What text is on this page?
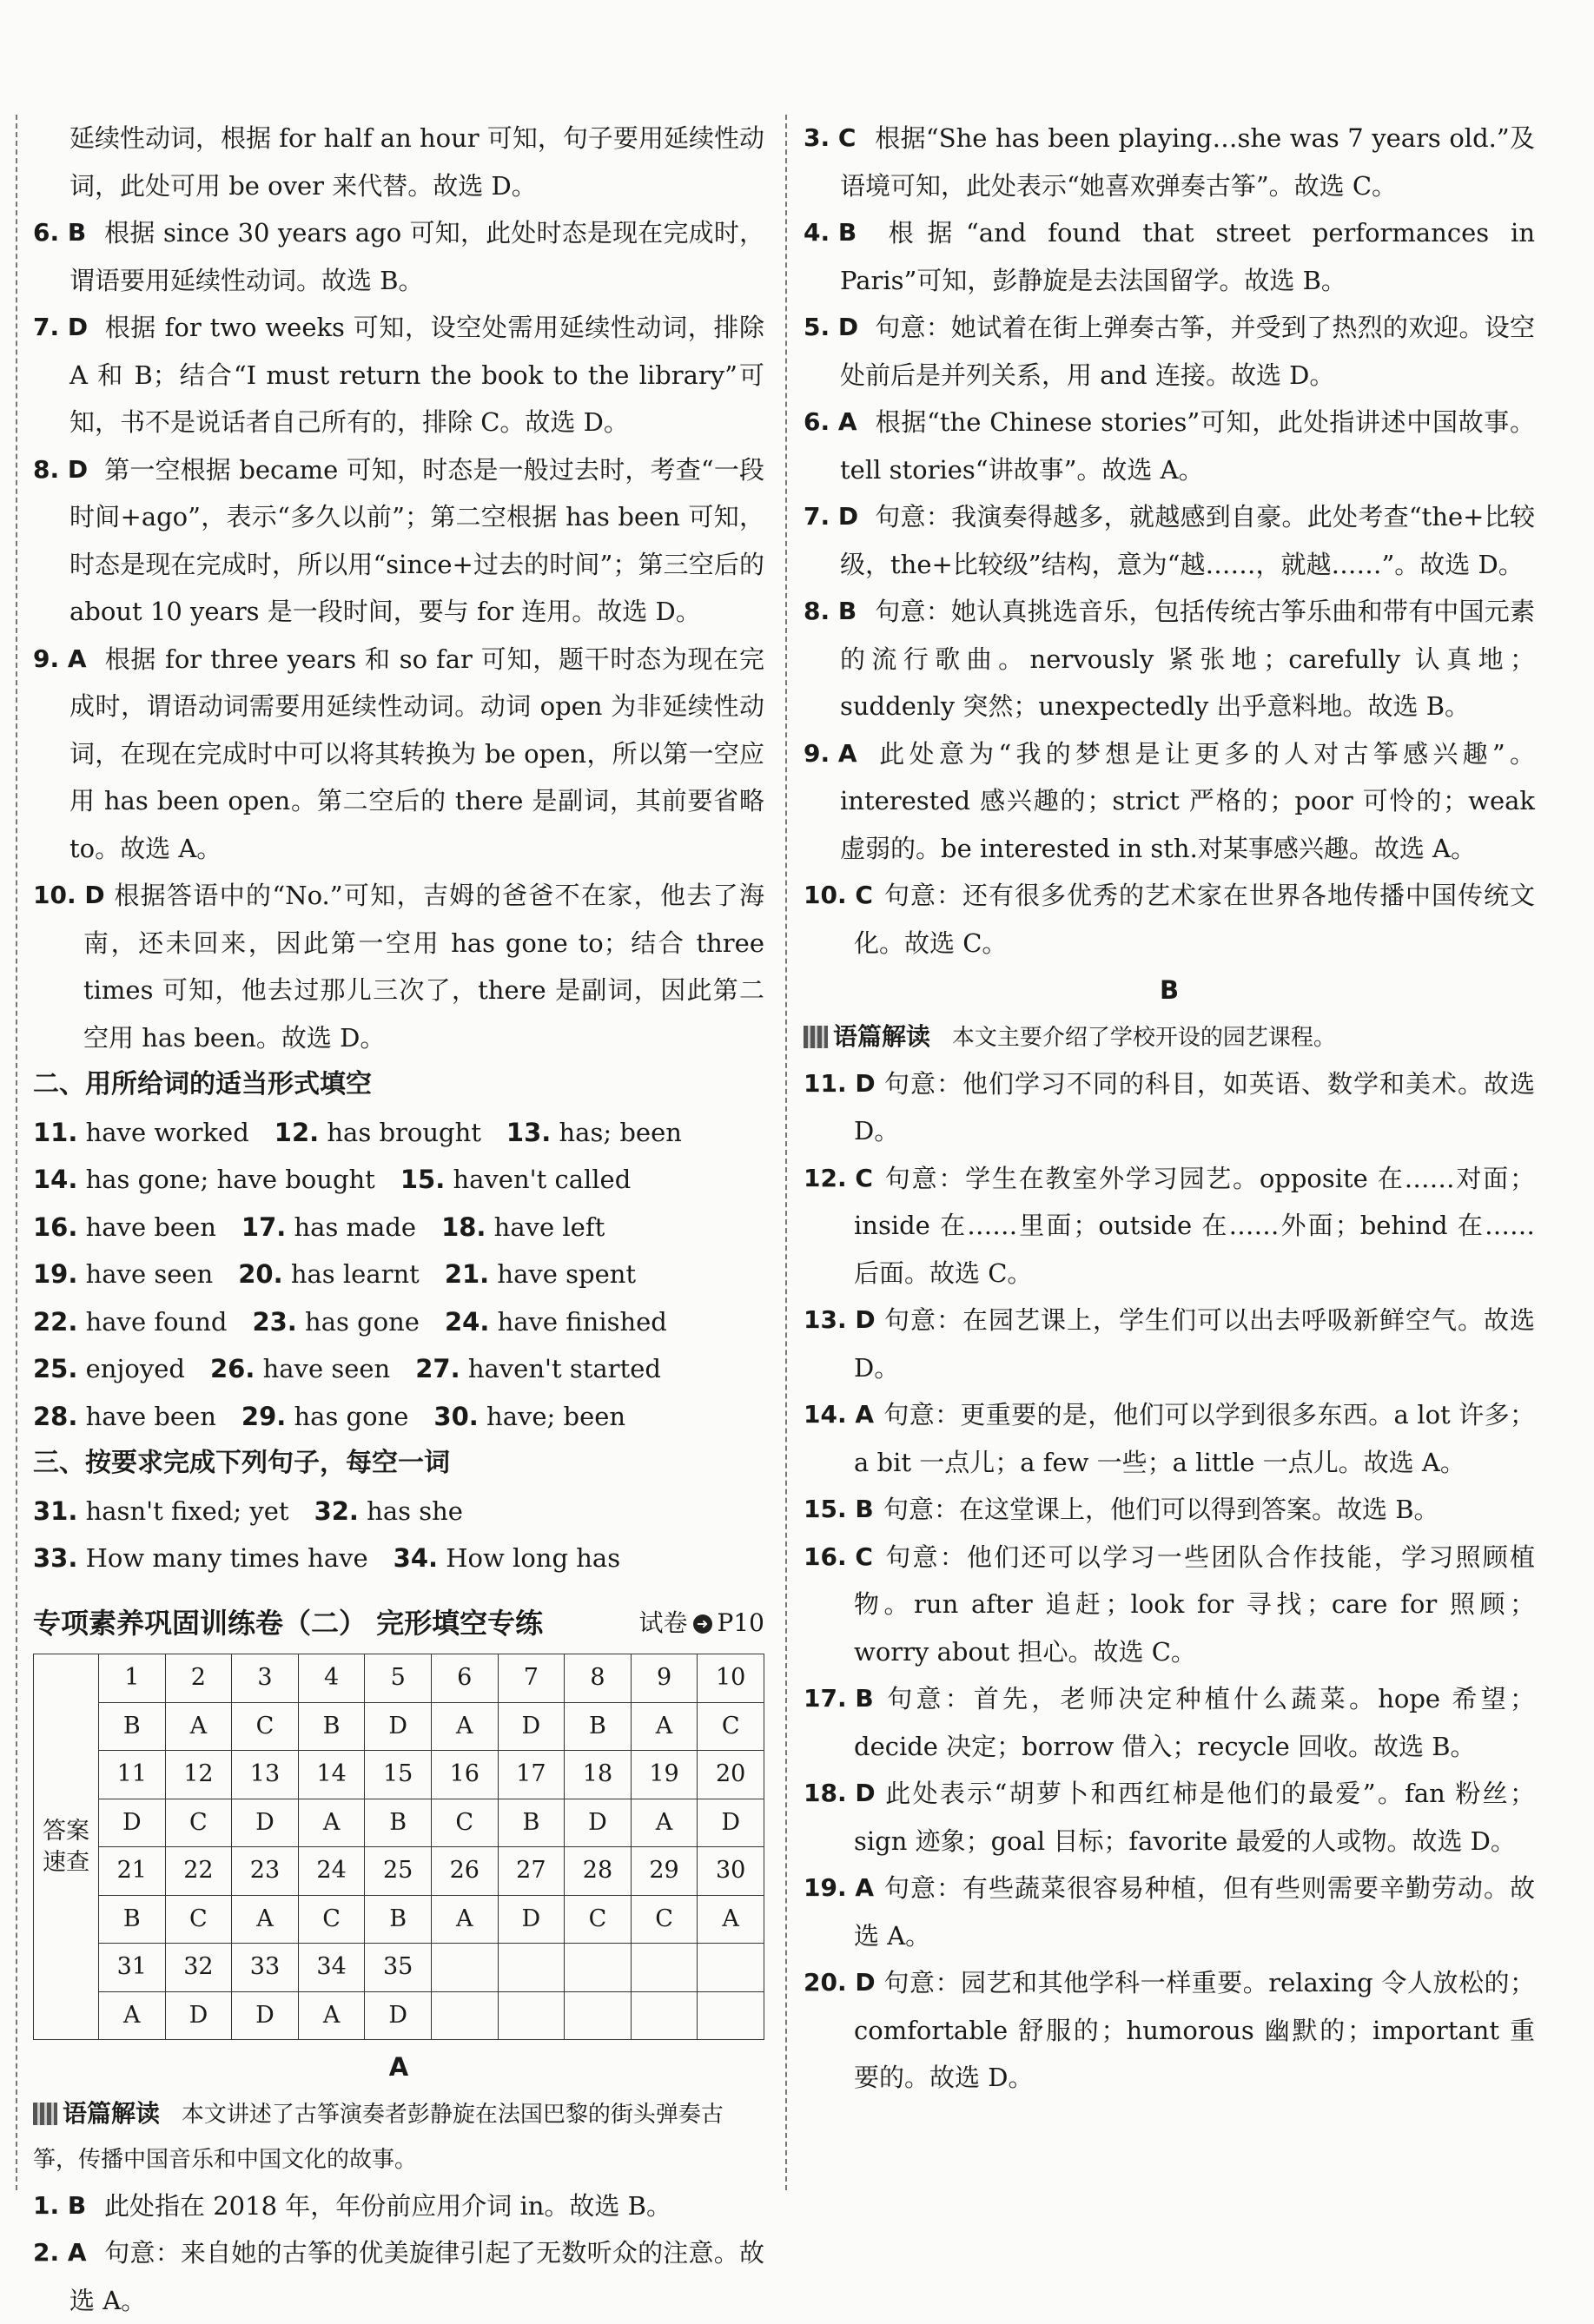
延续性动词，根据 for half an hour 可知，句子要用延续性动词，此处可用 be over 来代替。故选 D。
6. B 根据 since 30 years ago 可知，此处时态是现在完成时，谓语要用延续性动词。故选 B。
7. D 根据 for two weeks 可知，设空处需用延续性动词，排除 A 和 B；结合“I must return the book to the library”可知，书不是说话者自己所有的，排除 C。故选 D。
8. D 第一空根据 became 可知，时态是一般过去时，考查“一段时间+ago”，表示“多久以前”；第二空根据 has been 可知，时态是现在完成时，所以用“since+过去的时间”；第三空后的 about 10 years 是一段时间，要与 for 连用。故选 D。
9. A 根据 for three years 和 so far 可知，题干时态为现在完成时，谓语动词需要用延续性动词。动词 open 为非延续性动词，在现在完成时中可以将其转换为 be open，所以第一空应用 has been open。第二空后的 there 是副词，其前要省略 to。故选 A。
10. D 根据答语中的“No.”可知，吉姆的爸爸不在家，他去了海南，还未回来，因此第一空用 has gone to；结合 three times 可知，他去过那儿三次了，there 是副词，因此第二空用 has been。故选 D。
二、用所给词的适当形式填空
11. have worked  12. has brought  13. has; been 14. has gone; have bought  15. haven't called 16. have been  17. has made  18. have left 19. have seen  20. has learnt  21. have spent 22. have found  23. has gone  24. have finished 25. enjoyed  26. have seen  27. haven't started 28. have been  29. has gone  30. have; been 
三、按要求完成下列句子，每空一词
31. hasn't fixed; yet  32. has she 33. How many times have  34. How long has 
专项素养巩固训练卷（二） 完形填空专练	试卷 ➜ P10
答案速查	1	2	3	4	5	6	7	8	9	10
	B	A	C	B	D	A	D	B	A	C
	11	12	13	14	15	16	17	18	19	20
	D	C	D	A	B	C	B	D	A	D
	21	22	23	24	25	26	27	28	29	30
	B	C	A	C	B	A	D	C	C	A
	31	32	33	34	35					
	A	D	D	A	D					
A
语篇解读 本文讲述了古筝演奏者彭静旋在法国巴黎的街头弹奏古筝，传播中国音乐和中国文化的故事。
1. B 此处指在 2018 年，年份前应用介词 in。故选 B。
2. A 句意：来自她的古筝的优美旋律引起了无数听众的注意。故选 A。
3. C 根据“She has been playing…she was 7 years old.”及语境可知，此处表示“她喜欢弹奏古筝”。故选 C。
4. B 根据“and found that street performances in Paris”可知，彭静旋是去法国留学。故选 B。
5. D 句意：她试着在街上弹奏古筝，并受到了热烈的欢迎。设空处前后是并列关系，用 and 连接。故选 D。
6. A 根据“the Chinese stories”可知，此处指讲述中国故事。tell stories“讲故事”。故选 A。
7. D 句意：我演奏得越多，就越感到自豪。此处考查“the+比较级，the+比较级”结构，意为“越……，就越……”。故选 D。
8. B 句意：她认真挑选音乐，包括传统古筝乐曲和带有中国元素的流行歌曲。nervously 紧张地；carefully 认真地；suddenly 突然；unexpectedly 出乎意料地。故选 B。
9. A 此处意为“我的梦想是让更多的人对古筝感兴趣”。interested 感兴趣的；strict 严格的；poor 可怜的；weak 虚弱的。be interested in sth.对某事感兴趣。故选 A。
10. C 句意：还有很多优秀的艺术家在世界各地传播中国传统文化。故选 C。
B
语篇解读 本文主要介绍了学校开设的园艺课程。
11. D 句意：他们学习不同的科目，如英语、数学和美术。故选 D。
12. C 句意：学生在教室外学习园艺。opposite 在……对面；inside 在……里面；outside 在……外面；behind 在……后面。故选 C。
13. D 句意：在园艺课上，学生们可以出去呼吸新鲜空气。故选 D。
14. A 句意：更重要的是，他们可以学到很多东西。a lot 许多；a bit 一点儿；a few 一些；a little 一点儿。故选 A。
15. B 句意：在这堂课上，他们可以得到答案。故选 B。
16. C 句意：他们还可以学习一些团队合作技能，学习照顾植物。run after 追赶；look for 寻找；care for 照顾；worry about 担心。故选 C。
17. B 句意：首先，老师决定种植什么蔬菜。hope 希望；decide 决定；borrow 借入；recycle 回收。故选 B。
18. D 此处表示“胡萝卜和西红柿是他们的最爱”。fan 粉丝；sign 迹象；goal 目标；favorite 最爱的人或物。故选 D。
19. A 句意：有些蔬菜很容易种植，但有些则需要辛勤劳动。故选 A。
20. D 句意：园艺和其他学科一样重要。relaxing 令人放松的；comfortable 舒服的；humorous 幽默的；important 重要的。故选 D。
